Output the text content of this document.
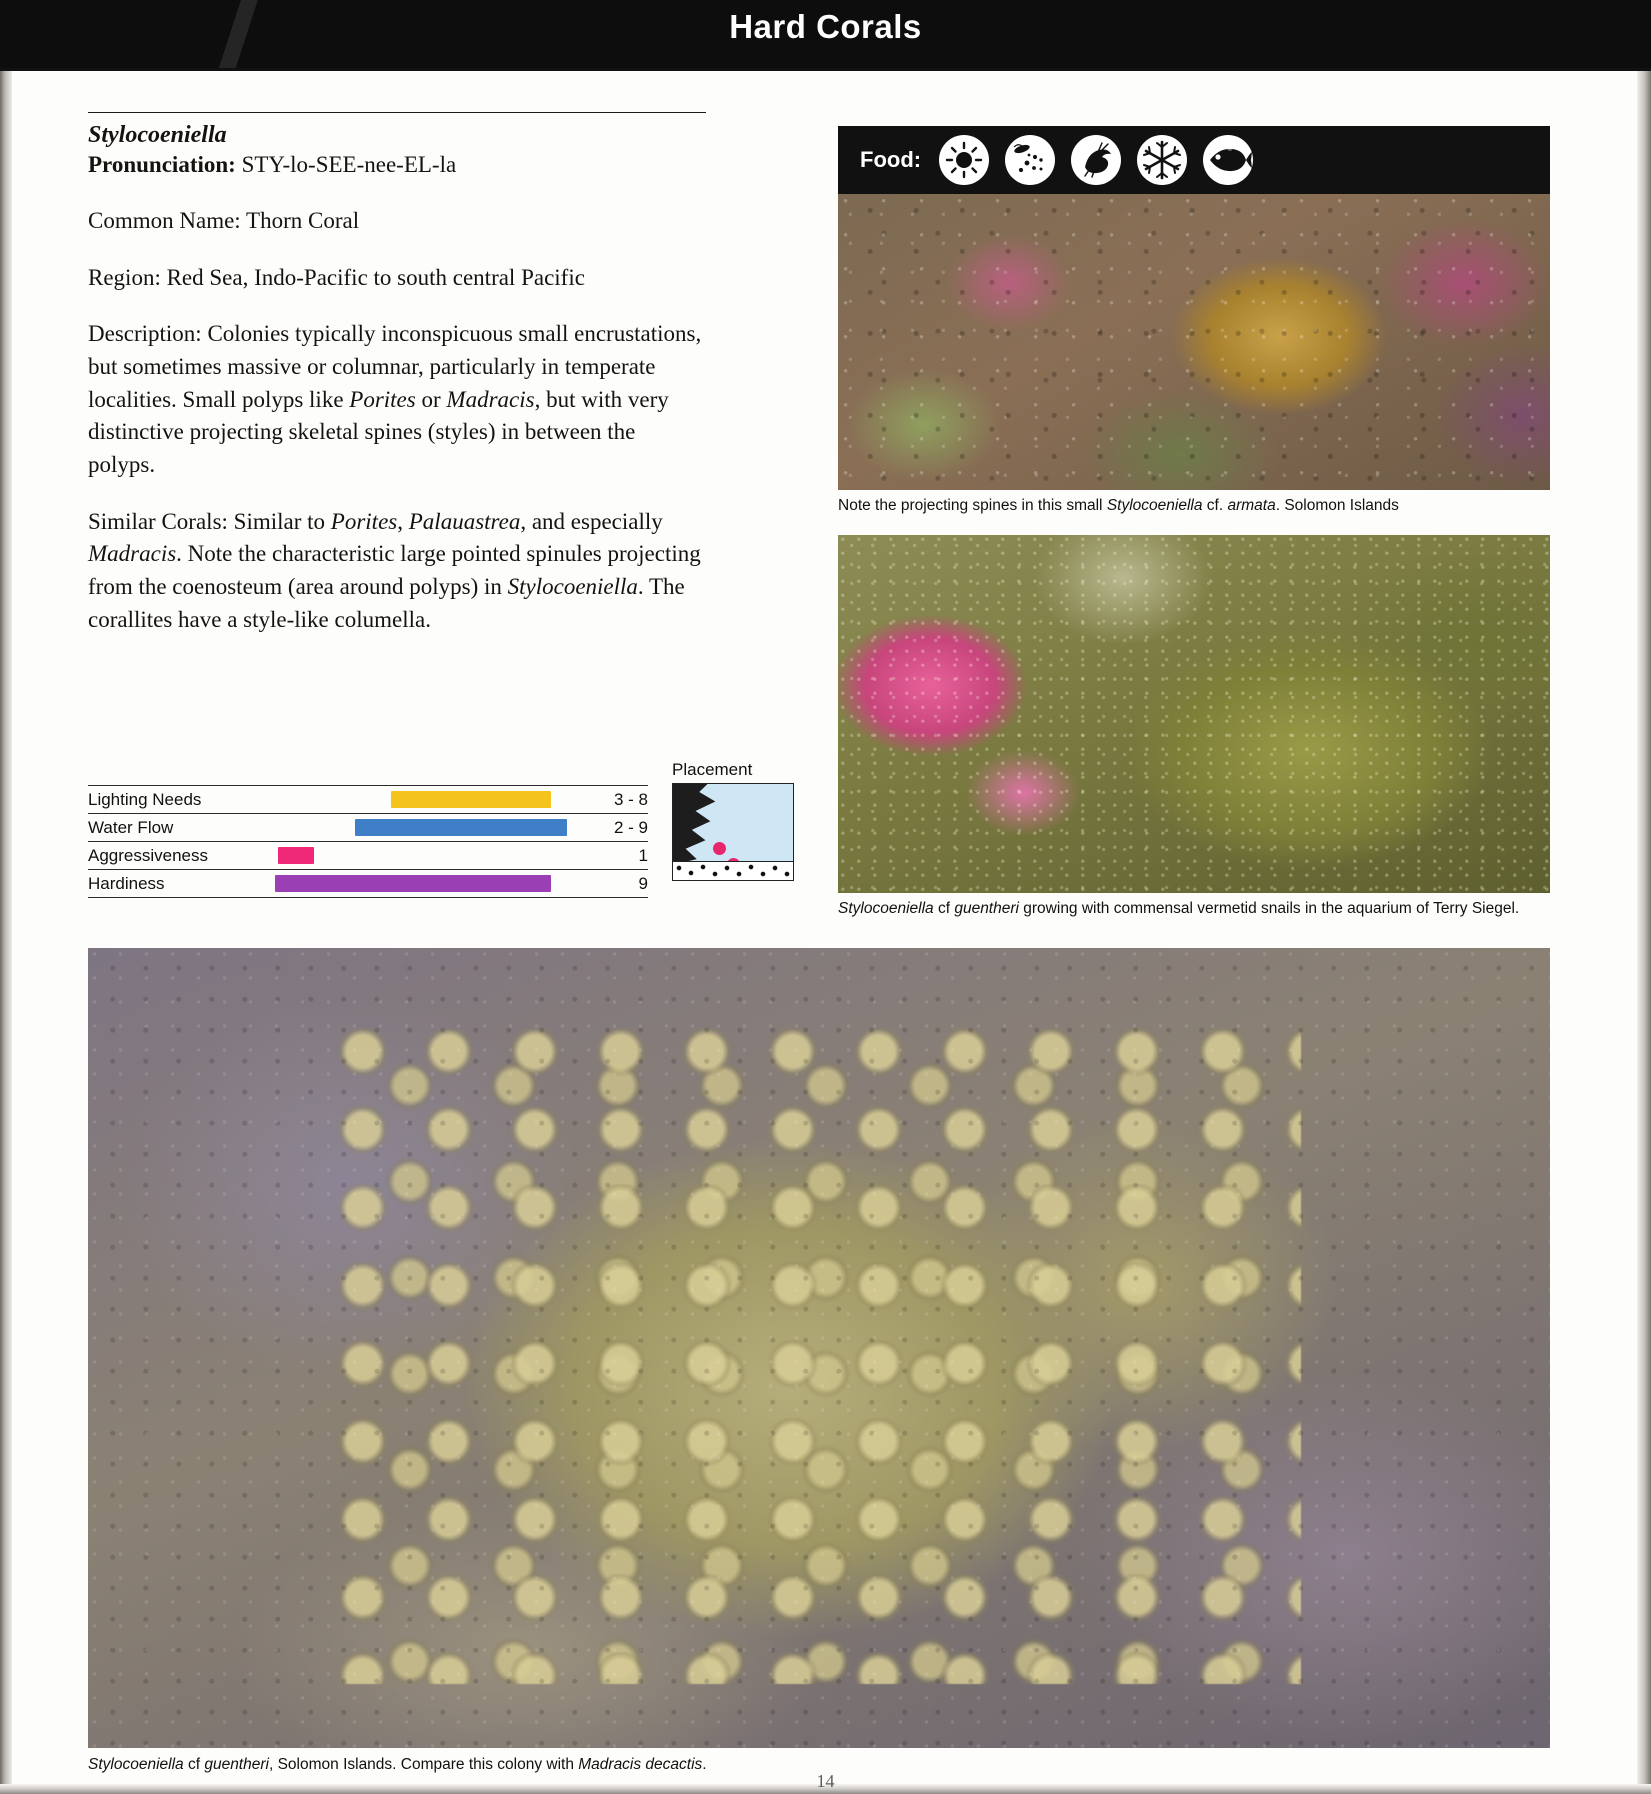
Hard Corals
Stylocoeniella
Pronunciation: STY-lo-SEE-nee-EL-la
Common Name: Thorn Coral
Region: Red Sea, Indo-Pacific to south central Pacific
Description: Colonies typically inconspicuous small encrustations, but sometimes massive or columnar, particularly in temperate localities. Small polyps like Porites or Madracis, but with very distinctive projecting skeletal spines (styles) in between the polyps.
Similar Corals: Similar to Porites, Palauastrea, and especially Madracis. Note the characteristic large pointed spinules projecting from the coenosteum (area around polyps) in Stylocoeniella. The corallites have a style-like columella.
Lighting Needs		3 - 8
Water Flow		2 - 9
Aggressiveness		1
Hardiness		9
Placement
Food:
Note the projecting spines in this small Stylocoeniella cf. armata. Solomon Islands
Stylocoeniella cf guentheri growing with commensal vermetid snails in the aquarium of Terry Siegel.
Stylocoeniella cf guentheri, Solomon Islands. Compare this colony with Madracis decactis.
14
